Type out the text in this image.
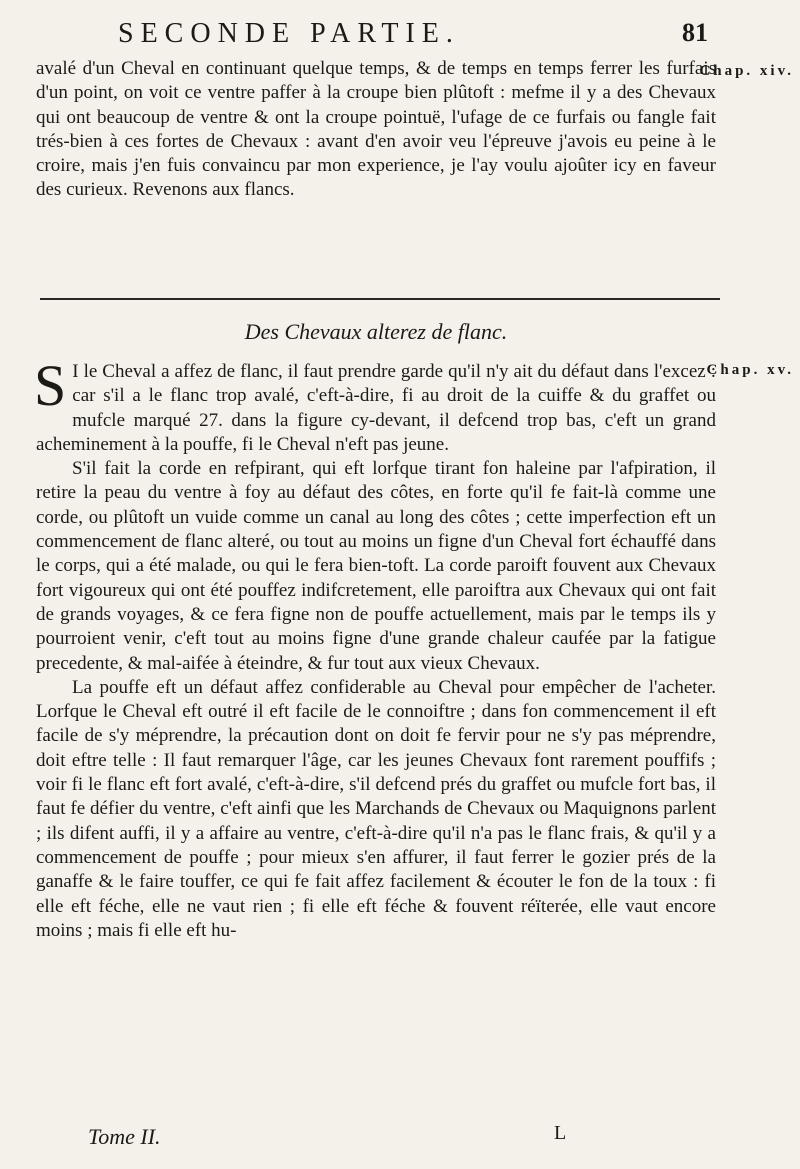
SECONDE PARTIE.	81
Chap. xiv.

avalé d'un Cheval en continuant quelque temps, & de temps en temps ferrer les furfais d'un point, on voit ce ventre paffer à la croupe bien plûtoft : mefme il y a des Chevaux qui ont beaucoup de ventre & ont la croupe pointuë, l'ufage de ce furfais ou fangle fait trés-bien à ces fortes de Chevaux : avant d'en avoir veu l'épreuve j'avois eu peine à le croire, mais j'en fuis convaincu par mon experience, je l'ay voulu ajoûter icy en faveur des curieux. Revenons aux flancs.

Des Chevaux alterez de flanc.
Chap. xv.

S I le Cheval a affez de flanc, il faut prendre garde qu'il n'y ait du défaut dans l'excez : car s'il a le flanc trop avalé, c'eft-à-dire, fi au droit de la cuiffe & du graffet ou mufcle marqué 27. dans la figure cy-devant, il defcend trop bas, c'eft un grand acheminement à la pouffe, fi le Cheval n'eft pas jeune.

S'il fait la corde en refpirant, qui eft lorfque tirant fon haleine par l'afpiration, il retire la peau du ventre à foy au défaut des côtes, en forte qu'il fe fait-là comme une corde, ou plûtoft un vuide comme un canal au long des côtes ; cette imperfection eft un commencement de flanc alteré, ou tout au moins un figne d'un Cheval fort échauffé dans le corps, qui a été malade, ou qui le fera bien-toft. La corde paroift fouvent aux Chevaux fort vigoureux qui ont été pouffez indifcretement, elle paroiftra aux Chevaux qui ont fait de grands voyages, & ce fera figne non de pouffe actuellement, mais par le temps ils y pourroient venir, c'eft tout au moins figne d'une grande chaleur caufée par la fatigue precedente, & mal-aifée à éteindre, & fur tout aux vieux Chevaux.

La pouffe eft un défaut affez confiderable au Cheval pour empêcher de l'acheter. Lorfque le Cheval eft outré il eft facile de le connoiftre ; dans fon commencement il eft facile de s'y méprendre, la précaution dont on doit fe fervir pour ne s'y pas méprendre, doit eftre telle : Il faut remarquer l'âge, car les jeunes Chevaux font rarement pouffifs ; voir fi le flanc eft fort avalé, c'eft-à-dire, s'il defcend prés du graffet ou mufcle fort bas, il faut fe défier du ventre, c'eft ainfi que les Marchands de Chevaux ou Maquignons parlent ; ils difent auffi, il y a affaire au ventre, c'eft-à-dire qu'il n'a pas le flanc frais, & qu'il y a commencement de pouffe ; pour mieux s'en affurer, il faut ferrer le gozier prés de la ganaffe & le faire touffer, ce qui fe fait affez facilement & écouter le fon de la toux : fi elle eft féche, elle ne vaut rien ; fi elle eft féche & fouvent réïterée, elle vaut encore moins ; mais fi elle eft hu-

Tome II.	L
